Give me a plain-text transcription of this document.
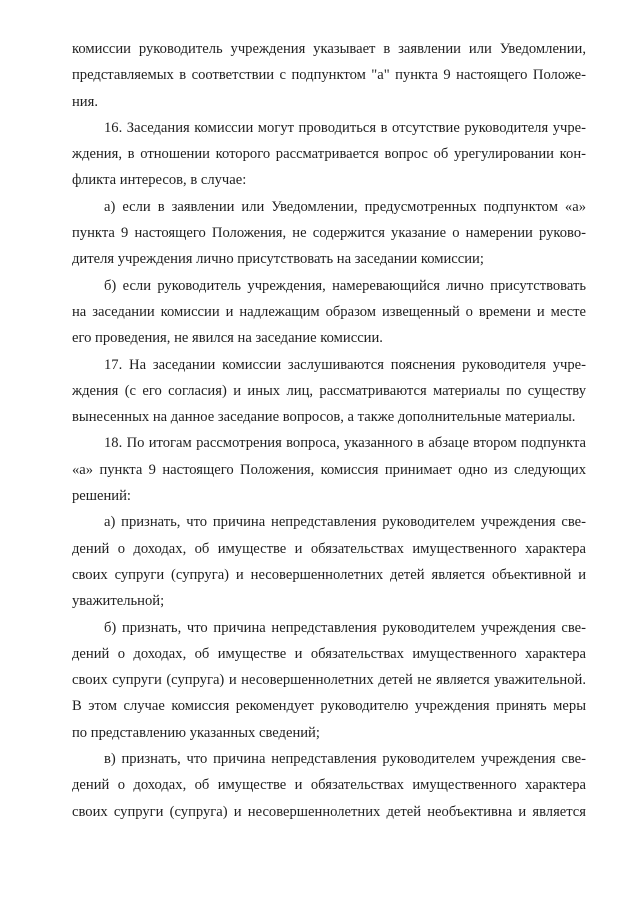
комиссии руководитель учреждения указывает в заявлении или Уведомлении,
представляемых в соответствии с подпунктом "а" пункта 9 настоящего Положе-
ния.
16. Заседания комиссии могут проводиться в отсутствие руководителя учре-
ждения, в отношении которого рассматривается вопрос об урегулировании кон-
фликта интересов, в случае:
а) если в заявлении или Уведомлении, предусмотренных подпунктом «а»
пункта 9 настоящего Положения, не содержится указание о намерении руково-
дителя учреждения лично присутствовать на заседании комиссии;
б) если руководитель учреждения, намеревающийся лично присутствовать
на заседании комиссии и надлежащим образом извещенный о времени и месте
его проведения, не явился на заседание комиссии.
17. На заседании комиссии заслушиваются пояснения руководителя учре-
ждения (с его согласия) и иных лиц, рассматриваются материалы по существу
вынесенных на данное заседание вопросов, а также дополнительные материалы.
18. По итогам рассмотрения вопроса, указанного в абзаце втором подпункта
«а» пункта 9 настоящего Положения, комиссия принимает одно из следующих
решений:
а) признать, что причина непредставления руководителем учреждения све-
дений о доходах, об имуществе и обязательствах имущественного характера
своих супруги (супруга) и несовершеннолетних детей является объективной и
уважительной;
б) признать, что причина непредставления руководителем учреждения све-
дений о доходах, об имуществе и обязательствах имущественного характера
своих супруги (супруга) и несовершеннолетних детей не является уважительной.
В этом случае комиссия рекомендует руководителю учреждения принять меры
по представлению указанных сведений;
в) признать, что причина непредставления руководителем учреждения све-
дений о доходах, об имуществе и обязательствах имущественного характера
своих супруги (супруга) и несовершеннолетних детей необъективна и является
